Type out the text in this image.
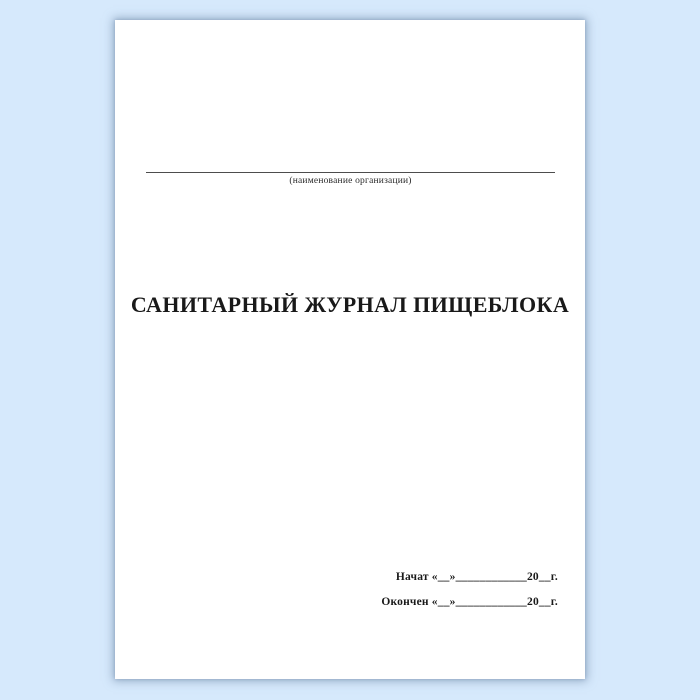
(наименование организации)
САНИТАРНЫЙ ЖУРНАЛ ПИЩЕБЛОКА
Начат «__»____________20__г.
Окончен «__»____________20__г.
